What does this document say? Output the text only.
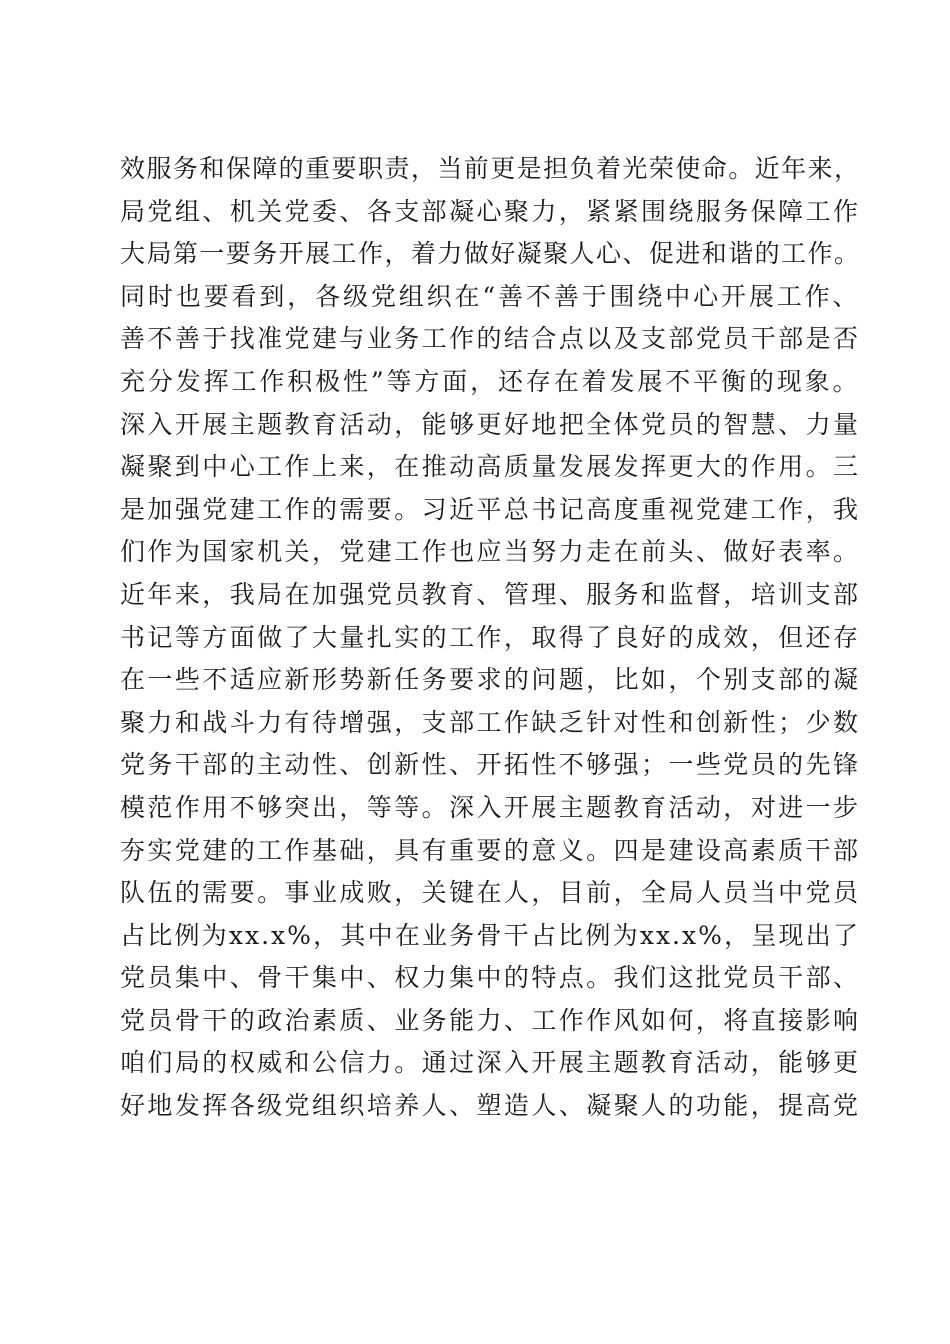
效服务和保障的重要职责，当前更是担负着光荣使命。近年来，
局党组、机关党委、各支部凝心聚力，紧紧围绕服务保障工作
大局第一要务开展工作，着力做好凝聚人心、促进和谐的工作。
同时也要看到，各级党组织在“善不善于围绕中心开展工作、
善不善于找准党建与业务工作的结合点以及支部党员干部是否
充分发挥工作积极性”等方面，还存在着发展不平衡的现象。
深入开展主题教育活动，能够更好地把全体党员的智慧、力量
凝聚到中心工作上来，在推动高质量发展发挥更大的作用。三
是加强党建工作的需要。习近平总书记高度重视党建工作，我
们作为国家机关，党建工作也应当努力走在前头、做好表率。
近年来，我局在加强党员教育、管理、服务和监督，培训支部
书记等方面做了大量扎实的工作，取得了良好的成效，但还存
在一些不适应新形势新任务要求的问题，比如，个别支部的凝
聚力和战斗力有待增强，支部工作缺乏针对性和创新性；少数
党务干部的主动性、创新性、开拓性不够强；一些党员的先锋
模范作用不够突出，等等。深入开展主题教育活动，对进一步
夯实党建的工作基础，具有重要的意义。四是建设高素质干部
队伍的需要。事业成败，关键在人，目前，全局人员当中党员
占比例为xx.x%，其中在业务骨干占比例为xx.x%，呈现出了
党员集中、骨干集中、权力集中的特点。我们这批党员干部、
党员骨干的政治素质、业务能力、工作作风如何，将直接影响
咱们局的权威和公信力。通过深入开展主题教育活动，能够更
好地发挥各级党组织培养人、塑造人、凝聚人的功能，提高党
